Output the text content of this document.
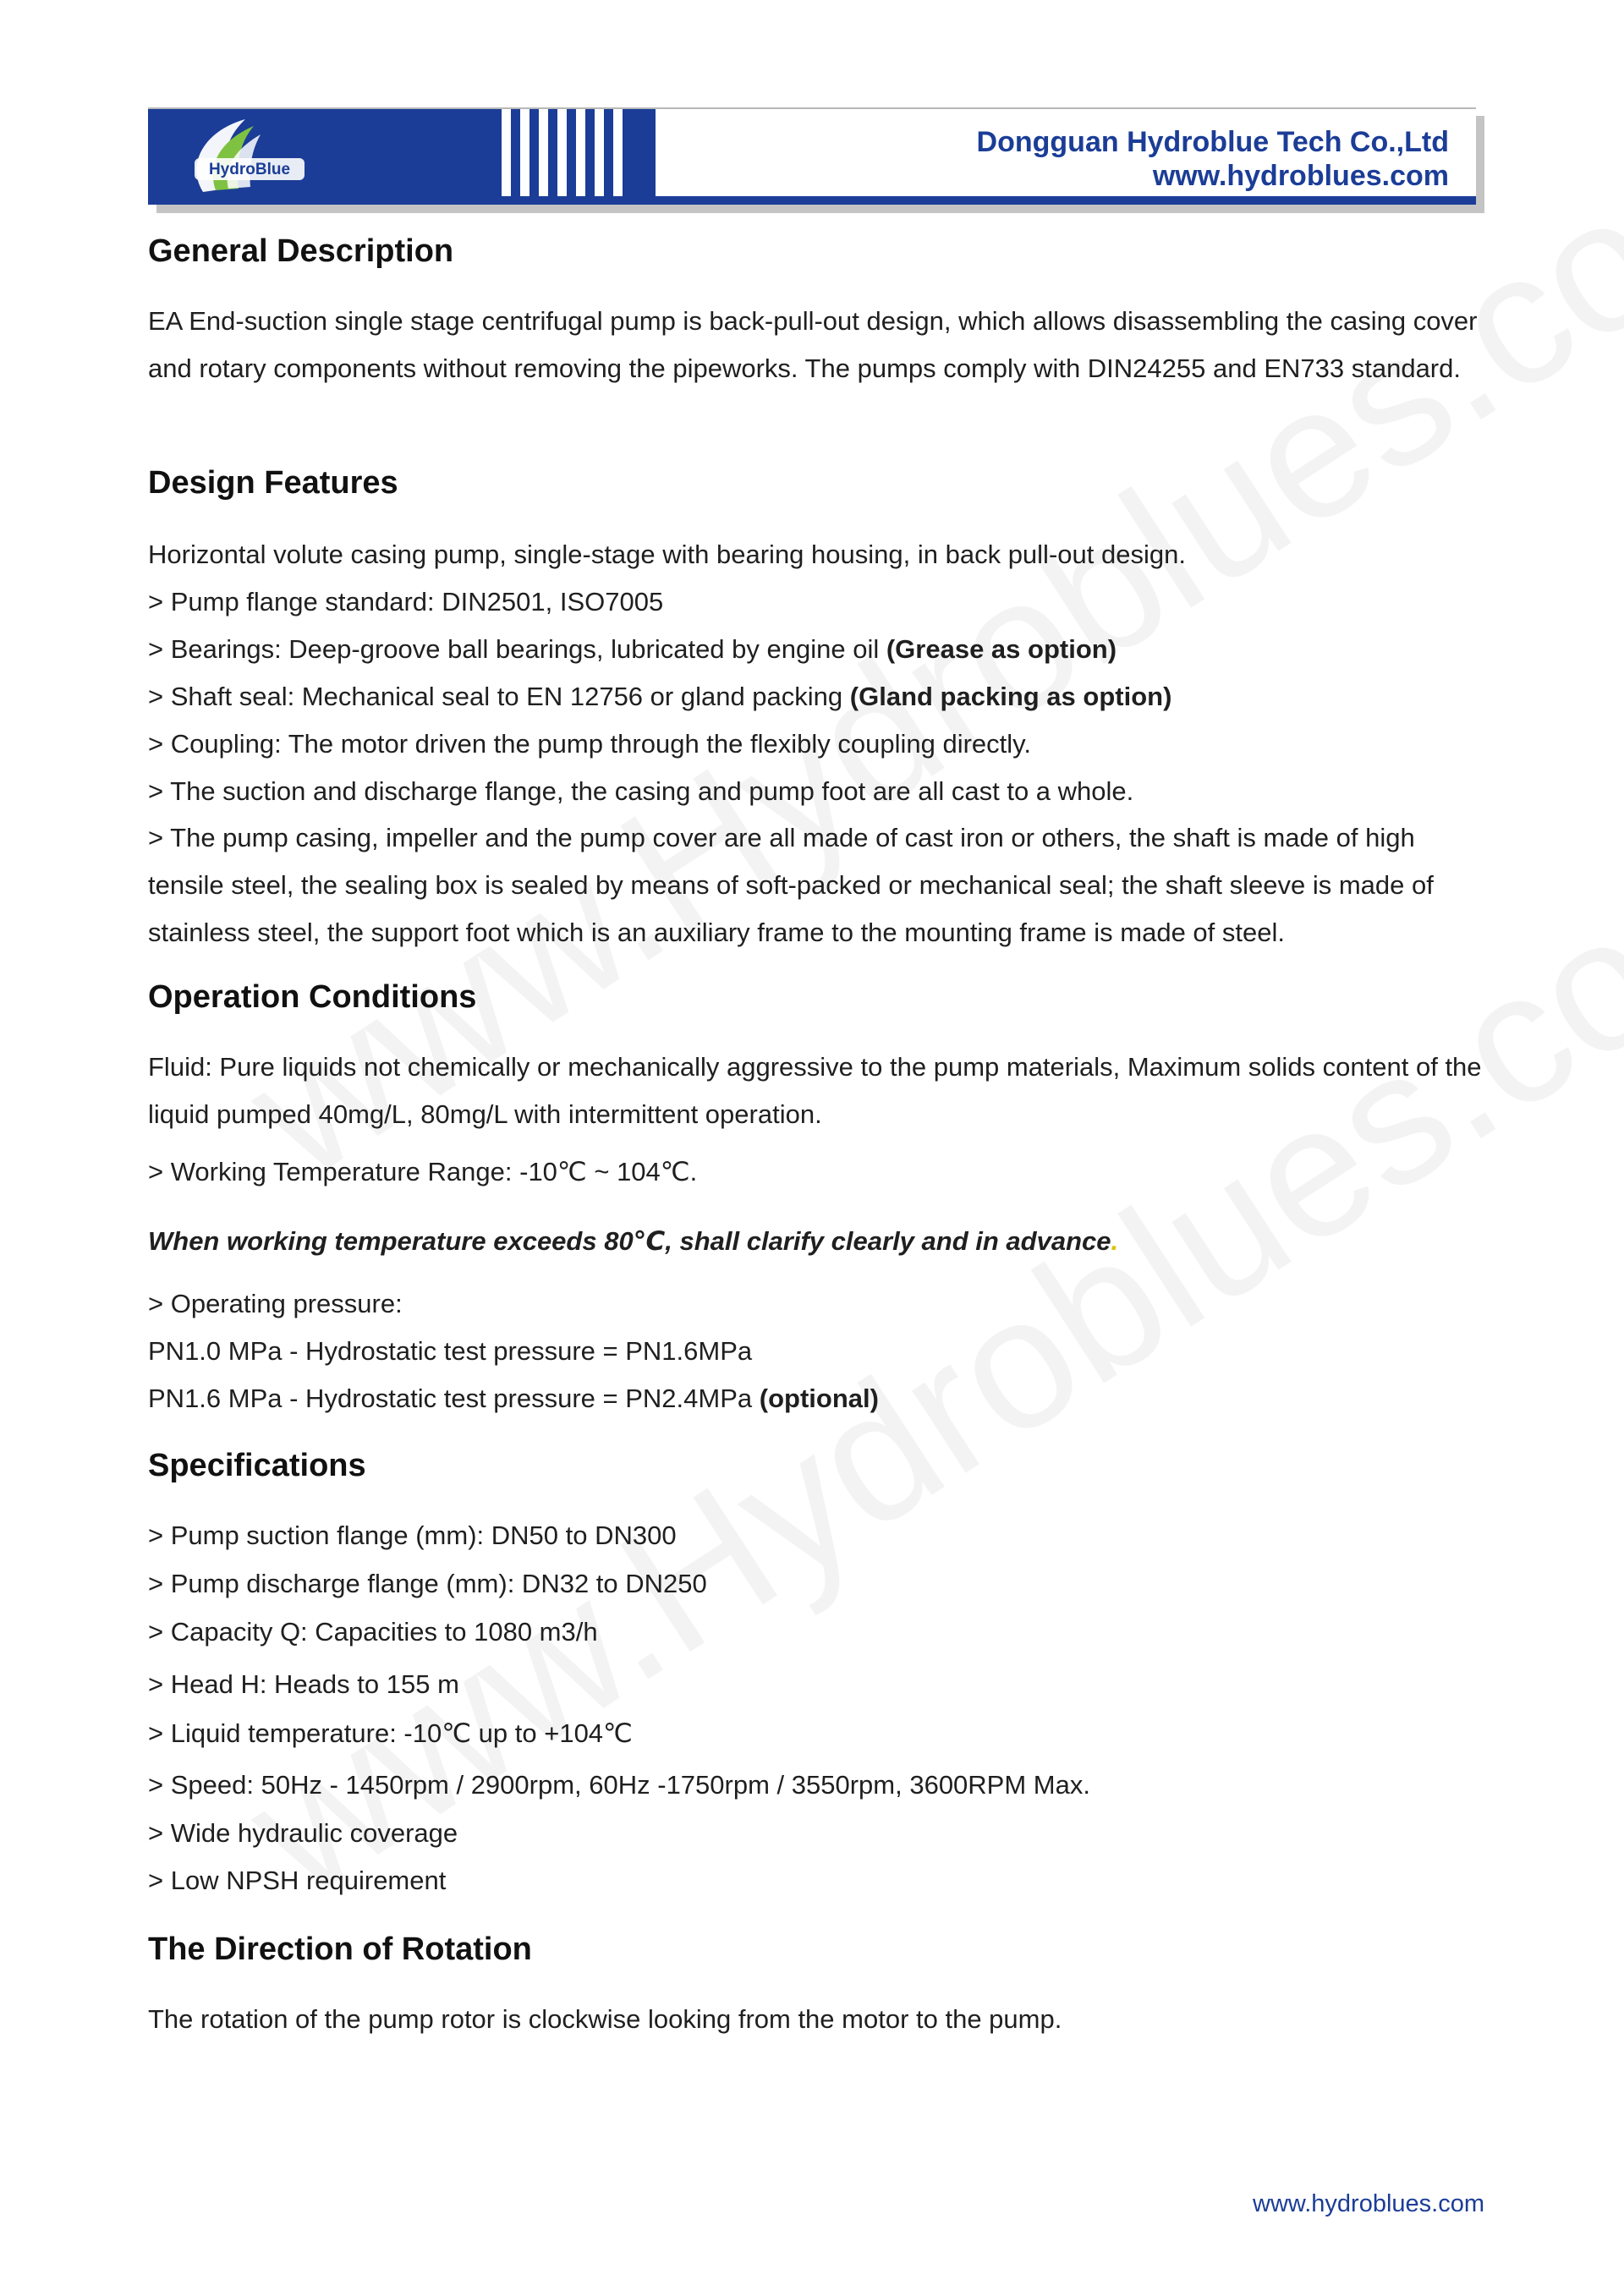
HydroBlue
Dongguan Hydroblue Tech Co.,Ltd
www.hydroblues.com
General Description

EA End-suction single stage centrifugal pump is back-pull-out design, which allows disassembling the casing cover and rotary components without removing the pipeworks. The pumps comply with DIN24255 and EN733 standard.

Design Features
Horizontal volute casing pump, single-stage with bearing housing, in back pull-out design.
> Pump flange standard: DIN2501, ISO7005
> Bearings: Deep-groove ball bearings, lubricated by engine oil (Grease as option)
> Shaft seal: Mechanical seal to EN 12756 or gland packing (Gland packing as option)
> Coupling: The motor driven the pump through the flexibly coupling directly.
> The suction and discharge flange, the casing and pump foot are all cast to a whole.

> The pump casing, impeller and the pump cover are all made of cast iron or others, the shaft is made of high tensile steel, the sealing box is sealed by means of soft-packed or mechanical seal; the shaft sleeve is made of stainless steel, the support foot which is an auxiliary frame to the mounting frame is made of steel.

Operation Conditions

Fluid: Pure liquids not chemically or mechanically aggressive to the pump materials, Maximum solids content of the liquid pumped 40mg/L, 80mg/L with intermittent operation.

> Working Temperature Range: -10℃ ~ 104℃.
When working temperature exceeds 80℃, shall clarify clearly and in advance.
> Operating pressure:
PN1.0 MPa - Hydrostatic test pressure = PN1.6MPa
PN1.6 MPa - Hydrostatic test pressure = PN2.4MPa (optional)
Specifications
> Pump suction flange (mm): DN50 to DN300
> Pump discharge flange (mm): DN32 to DN250
> Capacity Q: Capacities to 1080 m3/h
> Head H: Heads to 155 m
> Liquid temperature: -10℃ up to +104℃
> Speed: 50Hz - 1450rpm / 2900rpm, 60Hz -1750rpm / 3550rpm, 3600RPM Max.
> Wide hydraulic coverage
> Low NPSH requirement
The Direction of Rotation
The rotation of the pump rotor is clockwise looking from the motor to the pump.
www.hydroblues.com
